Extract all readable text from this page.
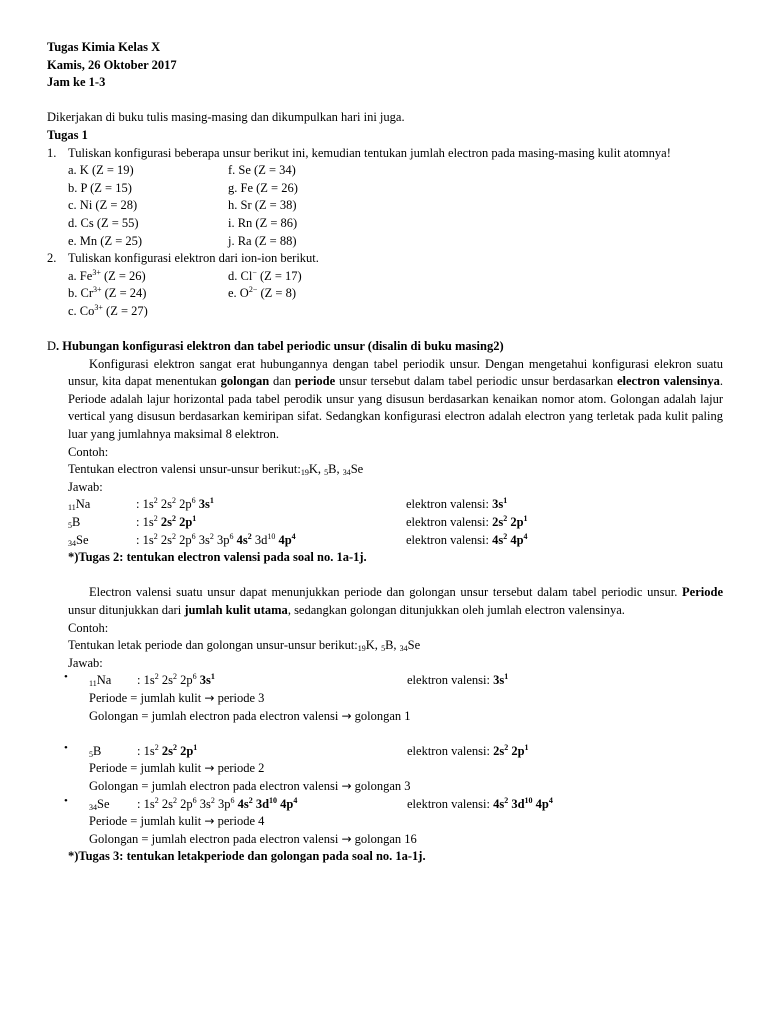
Tugas Kimia Kelas X
Kamis, 26 Oktober 2017
Jam ke 1-3
Dikerjakan di buku tulis masing-masing dan dikumpulkan hari ini juga.
Tugas 1
1. Tuliskan konfigurasi beberapa unsur berikut ini, kemudian tentukan jumlah electron pada masing-masing kulit atomnya!
a. K (Z = 19)	f. Se (Z = 34)
b. P (Z = 15)	g. Fe (Z = 26)
c. Ni (Z = 28)	h. Sr (Z = 38)
d. Cs (Z = 55)	i. Rn (Z = 86)
e. Mn (Z = 25)	j. Ra (Z = 88)
2. Tuliskan konfigurasi elektron dari ion-ion berikut.
a. $Fe^{3+}$ (Z = 26)	d. Cl− (Z = 17)
b. $Cr^{3+}$ (Z = 24)	e. $O^{2-}$ (Z = 8)
c. $Co^{3+}$ (Z = 27)
D. Hubungan konfigurasi elektron dan tabel periodic unsur (disalin di buku masing2)
Konfigurasi elektron sangat erat hubungannya dengan tabel periodik unsur. Dengan mengetahui konfigurasi elekron suatu unsur, kita dapat menentukan golongan dan periode unsur tersebut dalam tabel periodic unsur berdasarkan electron valensinya. Periode adalah lajur horizontal pada tabel perodik unsur yang disusun berdasarkan kenaikan nomor atom. Golongan adalah lajur vertical yang disusun berdasarkan kemiripan sifat. Sedangkan konfigurasi electron adalah electron yang terletak pada kulit paling luar yang jumlahnya maksimal 8 elektron.
Contoh:
Tentukan electron valensi unsur-unsur $berikut:_{19}K$, $_5$B, $_{34}$Se
Jawab:
$_{11}$Na	: $1s^2$ $2s^2$ $2p^6$ $3s^1$	elektron valensi: $3s^1$
$_5$B	: $1s^2$ $2s^2$ $2p^1$	elektron valensi: $2s^2$ $2p^1$
$_{34}$Se	: $1s^2$ $2s^2$ $2p^6$ $3s^2$ $3p^6$ $4s^2$ $3d^{10}$ $4p^4$	elektron valensi: $4s^2$ $4p^4$
*)Tugas 2: tentukan electron valensi pada soal no. 1a-1j.
Electron valensi suatu unsur dapat menunjukkan periode dan golongan unsur tersebut dalam tabel periodic unsur. Periode unsur ditunjukkan dari jumlah kulit utama, sedangkan golongan ditunjukkan oleh jumlah electron valensinya.
Contoh:
Tentukan letak periode dan golongan unsur-unsur $berikut:_{19}K$, $_5$B, $_{34}$Se
Jawab:
• $_{11}$Na : $1s^2$ $2s^2$ $2p^6$ $3s^1$	elektron valensi: $3s^1$
Periode = jumlah kulit → periode 3
Golongan = jumlah electron pada electron valensi → golongan 1
• $_5$B	: $1s^2$ $2s^2$ $2p^1$	elektron valensi: $2s^2$ $2p^1$
Periode = jumlah kulit → periode 2
Golongan = jumlah electron pada electron valensi → golongan 3
• $_{34}$Se : $1s^2$ $2s^2$ $2p^6$ $3s^2$ $3p^6$ $4s^2$ $3d^{10}$ $4p^4$	elektron valensi: $4s^2$ $3d^{10}$ $4p^4$
Periode = jumlah kulit → periode 4
Golongan = jumlah electron pada electron valensi → golongan 16
*)Tugas 3: tentukan letakperiode dan golongan pada soal no. 1a-1j.
